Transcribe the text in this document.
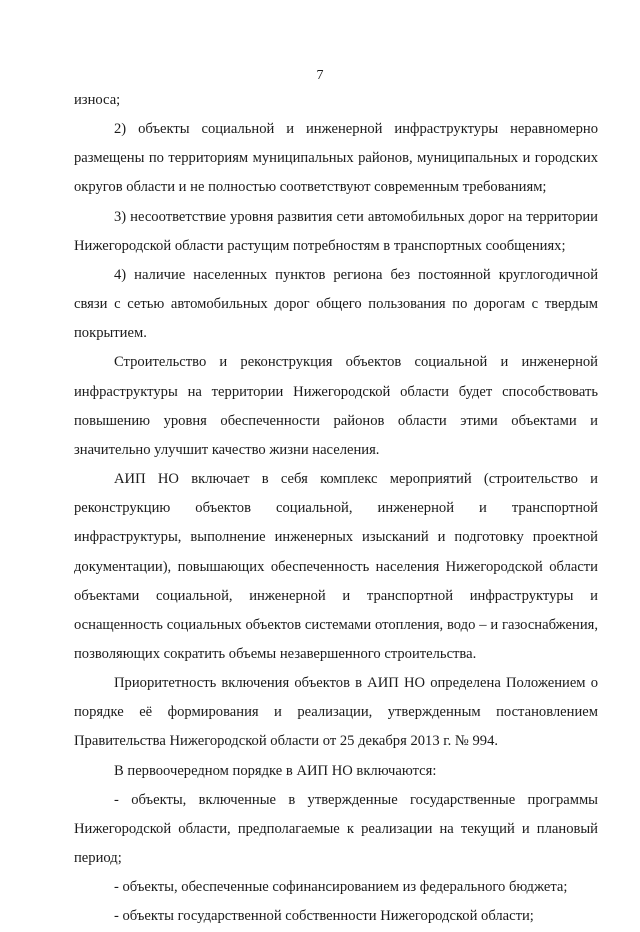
7

износа;

2) объекты социальной и инженерной инфраструктуры неравномерно размещены по территориям муниципальных районов, муниципальных и городских округов области и не полностью соответствуют современным требованиям;

3) несоответствие уровня развития сети автомобильных дорог на территории Нижегородской области растущим потребностям в транспортных сообщениях;

4) наличие населенных пунктов региона без постоянной круглогодичной связи с сетью автомобильных дорог общего пользования по дорогам с твердым покрытием.

Строительство и реконструкция объектов социальной и инженерной инфраструктуры на территории Нижегородской области будет способствовать повышению уровня обеспеченности районов области этими объектами и значительно улучшит качество жизни населения.

АИП НО включает в себя комплекс мероприятий (строительство и реконструкцию объектов социальной, инженерной и транспортной инфраструктуры, выполнение инженерных изысканий и подготовку проектной документации), повышающих обеспеченность населения Нижегородской области объектами социальной, инженерной и транспортной инфраструктуры и оснащенность социальных объектов системами отопления, водо – и газоснабжения, позволяющих сократить объемы незавершенного строительства.

Приоритетность включения объектов в АИП НО определена Положением о порядке её формирования и реализации, утвержденным постановлением Правительства Нижегородской области от 25 декабря 2013 г. № 994.

В первоочередном порядке в АИП НО включаются:

- объекты, включенные в утвержденные государственные программы Нижегородской области, предполагаемые к реализации на текущий и плановый период;

- объекты, обеспеченные софинансированием из федерального бюджета;

- объекты государственной собственности Нижегородской области;
